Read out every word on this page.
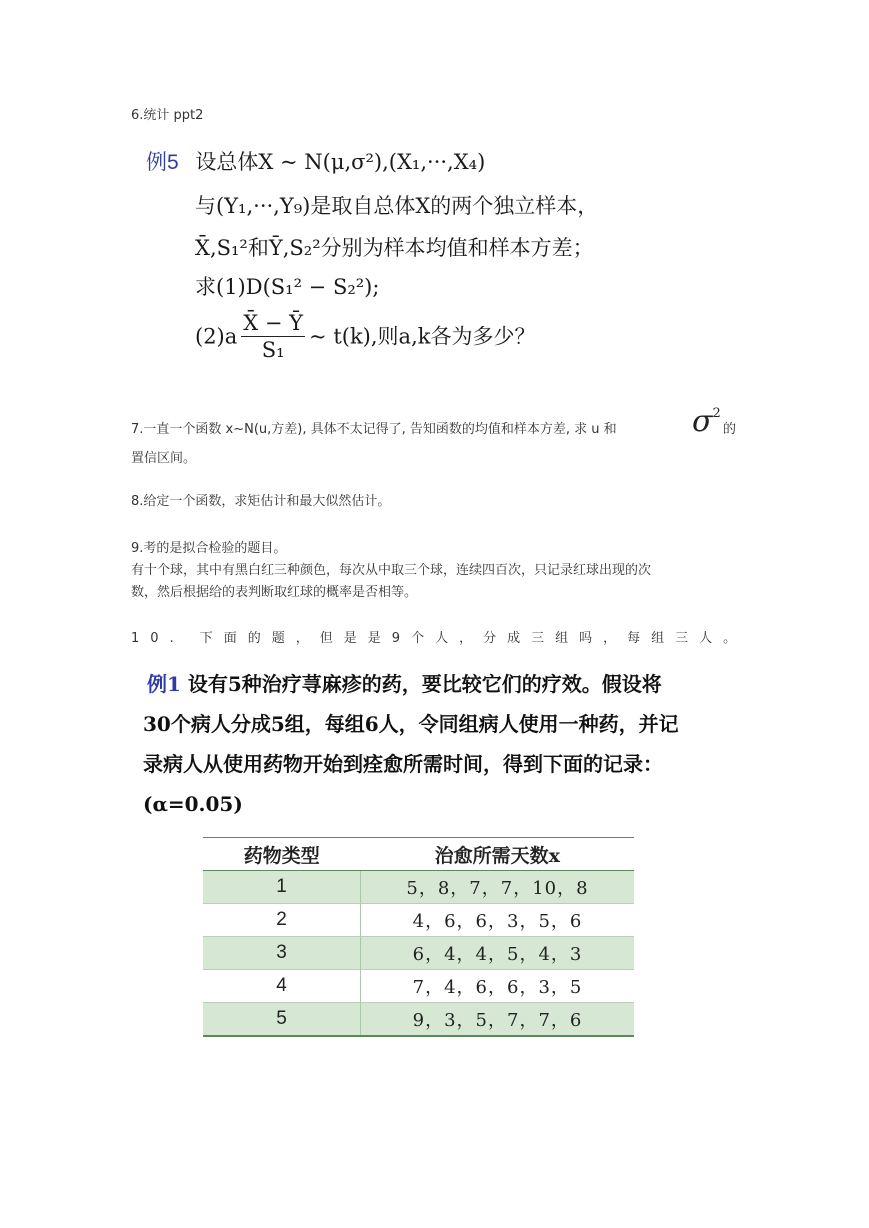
6.统计 ppt2
例5 设总体X ~ N(μ,σ²),(X₁,···,X₄)
与(Y₁,···,Y₉)是取自总体X的两个独立样本，
X̄,S₁²和Ȳ,S₂²分别为样本均值和样本方差；
求(1)D(S₁² − S₂²);
$(2)a \frac{X̄ - Ȳ}{\text{S₁}}$ ~ t(k),则a,k各为多少？
7.一直一个函数 x~N(u,方差), 具体不太记得了, 告知函数的均值和样本方差, 求 u 和	$\sigma^2$
的
置信区间。
8.给定一个函数，求矩估计和最大似然估计。
9.考的是拟合检验的题目。
有十个球，其中有黑白红三种颜色，每次从中取三个球，连续四百次，只记录红球出现的次
数，然后根据给的表判断取红球的概率是否相等。
10. 下面的题，但是是9个人，分成三组吗，每组三人。
例1 设有5种治疗荨麻疹的药，要比较它们的疗效。假设将
30个病人分成5组，每组6人，令同组病人使用一种药，并记
录病人从使用药物开始到痊愈所需时间，得到下面的记录：
(α=0.05)
药物类型	治愈所需天数x
1	5，8，7，7，10，8
2	4，6，6，3，5，6
3	6，4，4，5，4，3
4	7，4，6，6，3，5
5	9，3，5，7，7，6
